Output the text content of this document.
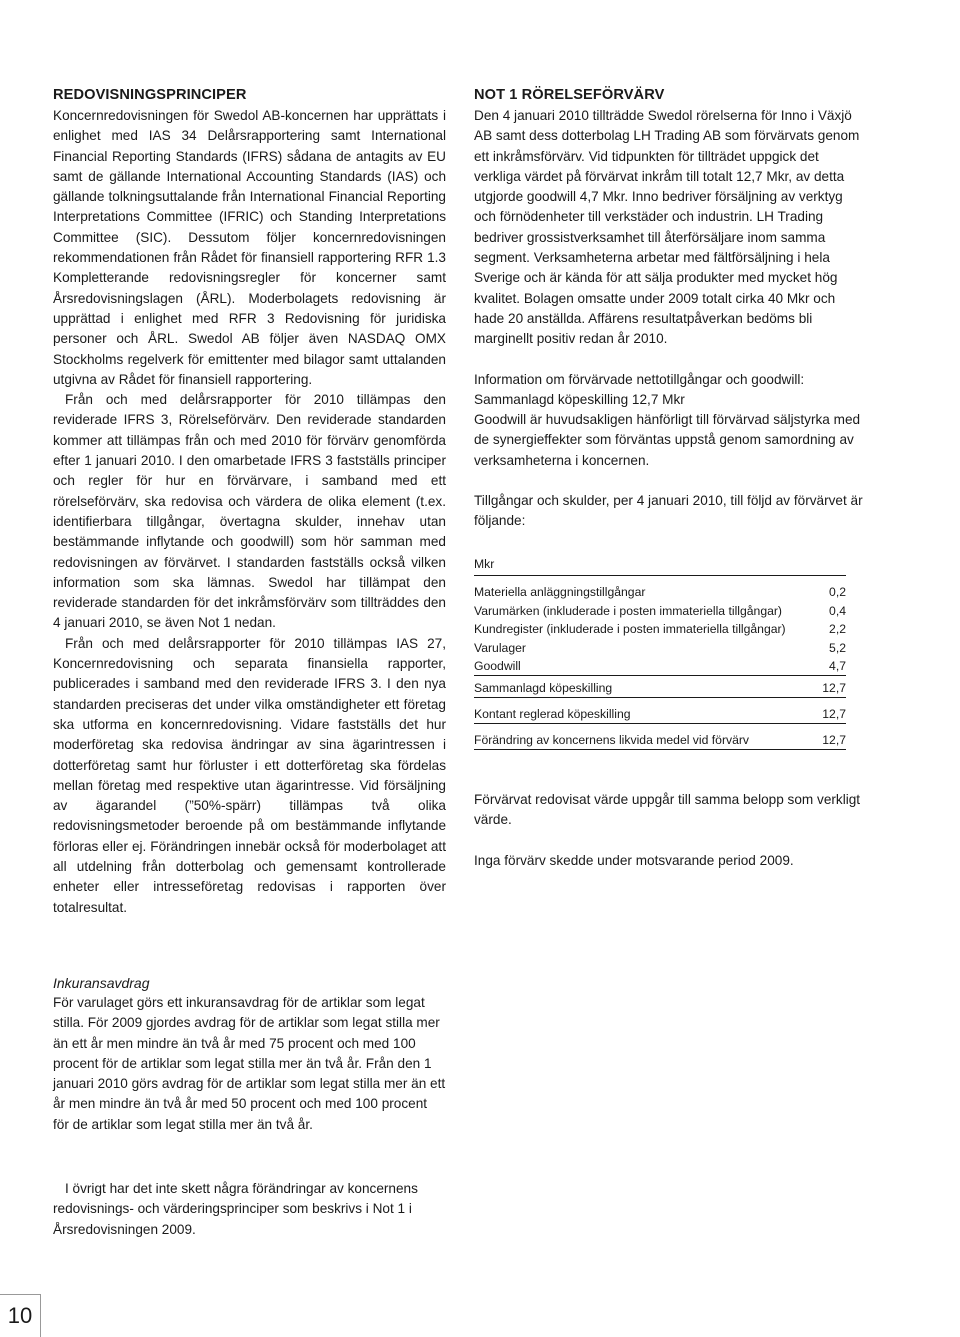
REDOVISNINGSPRINCIPER

Koncernredovisningen för Swedol AB-koncernen har upprättats i enlighet med IAS 34 Delårsrapportering samt International Financial Reporting Standards (IFRS) sådana de antagits av EU samt de gällande International Accounting Standards (IAS) och gällande tolkningsuttalande från International Financial Reporting Interpretations Committee (IFRIC) och Standing Interpretations Committee (SIC). Dessutom följer koncernredovisningen rekommendationen från Rådet för finansiell rapportering RFR 1.3 Kompletterande redovisningsregler för koncerner samt Årsredovisningslagen (ÅRL). Moderbolagets redovisning är upprättad i enlighet med RFR 3 Redovisning för juridiska personer och ÅRL. Swedol AB följer även NASDAQ OMX Stockholms regelverk för emittenter med bilagor samt uttalanden utgivna av Rådet för finansiell rapportering.

Från och med delårsrapporter för 2010 tillämpas den reviderade IFRS 3, Rörelseförvärv. Den reviderade standarden kommer att tillämpas från och med 2010 för förvärv genomförda efter 1 januari 2010. I den omarbetade IFRS 3 fastställs principer och regler för hur en förvärvare, i samband med ett rörelseförvärv, ska redovisa och värdera de olika element (t.ex. identifierbara tillgångar, övertagna skulder, innehav utan bestämmande inflytande och goodwill) som hör samman med redovisningen av förvärvet. I standarden fastställs också vilken information som ska lämnas. Swedol har tillämpat den reviderade standarden för det inkråmsförvärv som tillträddes den 4 januari 2010, se även Not 1 nedan.

Från och med delårsrapporter för 2010 tillämpas IAS 27, Koncernredovisning och separata finansiella rapporter, publicerades i samband med den reviderade IFRS 3. I den nya standarden preciseras det under vilka omständigheter ett företag ska utforma en koncernredovisning. Vidare fastställs det hur moderföretag ska redovisa ändringar av sina ägarintressen i dotterföretag samt hur förluster i ett dotterföretag ska fördelas mellan företag med respektive utan ägarintresse. Vid försäljning av ägarandel (”50%-spärr) tillämpas två olika redovisningsmetoder beroende på om bestämmande inflytande förloras eller ej. Förändringen innebär också för moderbolaget att all utdelning från dotterbolag och gemensamt kontrollerade enheter eller intresseföretag redovisas i rapporten över totalresultat.

Inkuransavdrag

För varulaget görs ett inkuransavdrag för de artiklar som legat stilla. För 2009 gjordes avdrag för de artiklar som legat stilla mer än ett år men mindre än två år med 75 procent och med 100 procent för de artiklar som legat stilla mer än två år. Från den 1 januari 2010 görs avdrag för de artiklar som legat stilla mer än ett år men mindre än två år med 50 procent och med 100 procent för de artiklar som legat stilla mer än två år.

I övrigt har det inte skett några förändringar av koncernens redovisnings- och värderingsprinciper som beskrivs i Not 1 i Årsredovisningen 2009.

NOT 1 RÖRELSEFÖRVÄRV

Den 4 januari 2010 tillträdde Swedol rörelserna för Inno i Växjö AB samt dess dotterbolag LH Trading AB som förvärvats genom ett inkråmsförvärv. Vid tidpunkten för tillträdet uppgick det verkliga värdet på förvärvat inkråm till totalt 12,7 Mkr, av detta utgjorde goodwill 4,7 Mkr. Inno bedriver försäljning av verktyg och förnödenheter till verkstäder och industrin. LH Trading bedriver grossistverksamhet till återförsäljare inom samma segment. Verksamheterna arbetar med fältförsäljning i hela Sverige och är kända för att sälja produkter med mycket hög kvalitet. Bolagen omsatte under 2009 totalt cirka 40 Mkr och hade 20 anställda. Affärens resultatpåverkan bedöms bli marginellt positiv redan år 2010.

Information om förvärvade nettotillgångar och goodwill:

Sammanlagd köpeskilling 12,7 Mkr

Goodwill är huvudsakligen hänförligt till förvärvad säljstyrka med de synergieffekter som förväntas uppstå genom samordning av verksamheterna i koncernen.

Tillgångar och skulder, per 4 januari 2010, till följd av förvärvet är följande:

Mkr
Materiella anläggningstillgångar	0,2
Varumärken (inkluderade i posten immateriella tillgångar)	0,4
Kundregister (inkluderade i posten immateriella tillgångar)	2,2
Varulager	5,2
Goodwill	4,7
Sammanlagd köpeskilling	12,7
Kontant reglerad köpeskilling	12,7
Förändring av koncernens likvida medel vid förvärv	12,7

Förvärvat redovisat värde uppgår till samma belopp som verkligt värde.

Inga förvärv skedde under motsvarande period 2009.

10
